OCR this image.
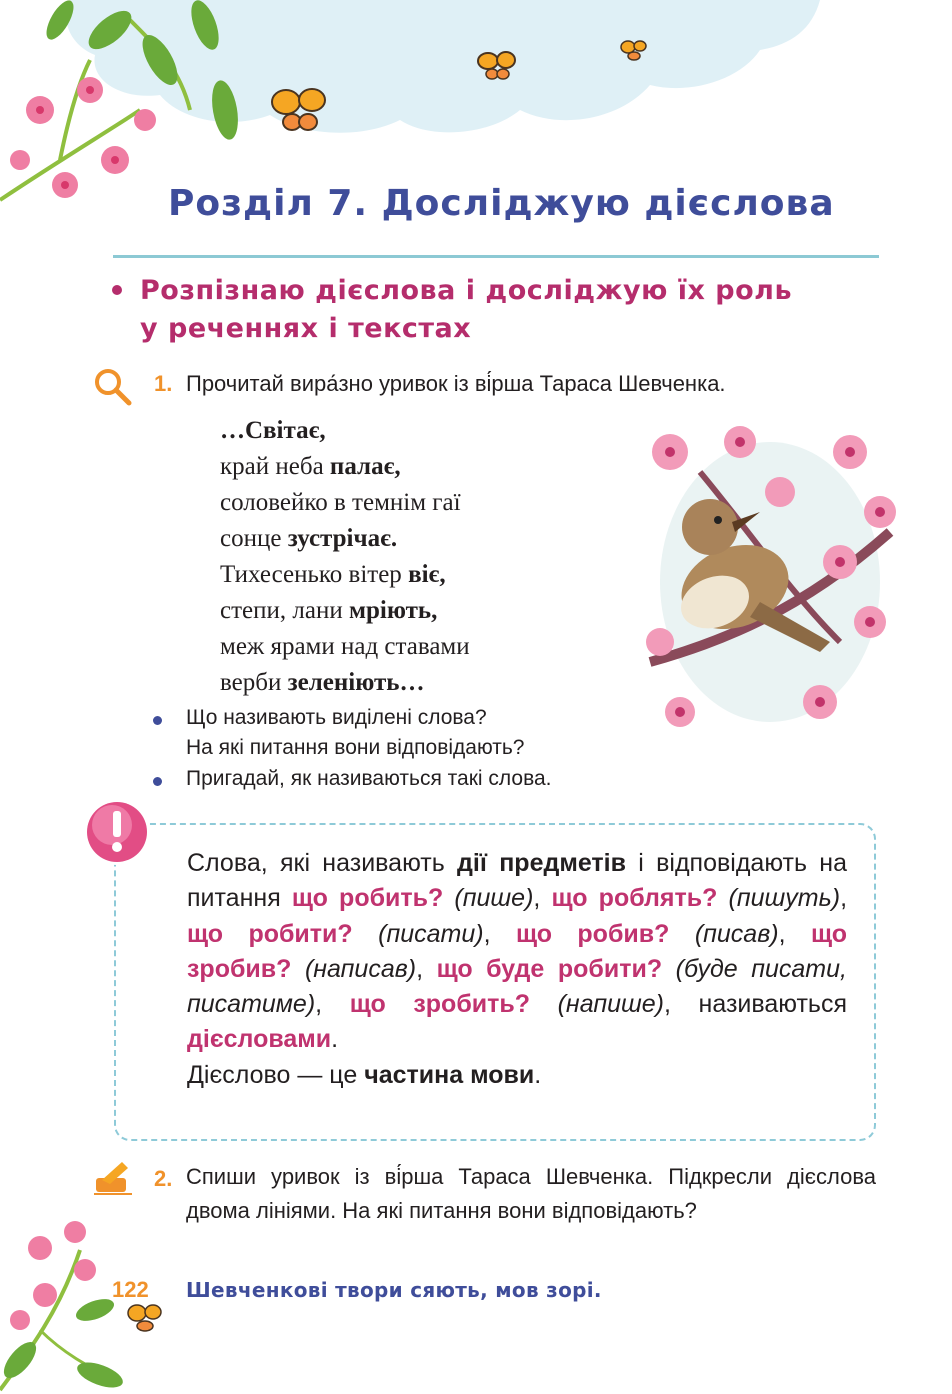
Розділ 7. Досліджую дієслова
Розпізнаю дієслова і досліджую їх роль
у реченнях і текстах
1. Прочитай вира́зно уривок із ві́рша Тараса Шевченка.
…Світає,
край неба палає,
соловейко в темнім гаї
сонце зустрічає.
Тихесенько вітер віє,
степи, лани мріють,
меж ярами над ставами
верби зеленіють…
Що називають виділені слова?
На які питання вони відповідають?
Пригадай, як називаються такі слова.
Слова, які називають дії предметів і відповідають на питання що робить? (пише), що роблять? (пишуть), що робити? (писати), що робив? (писав), що зробив? (написав), що буде робити? (буде писати, писатиме), що зробить? (напише), називаються дієсловами.
Дієслово — це частина мови.
2. Спиши уривок із ві́рша Тараса Шевченка. Підкресли дієслова двома лініями. На які питання вони відповідають?
122 Шевченкові твори сяють, мов зорі.
